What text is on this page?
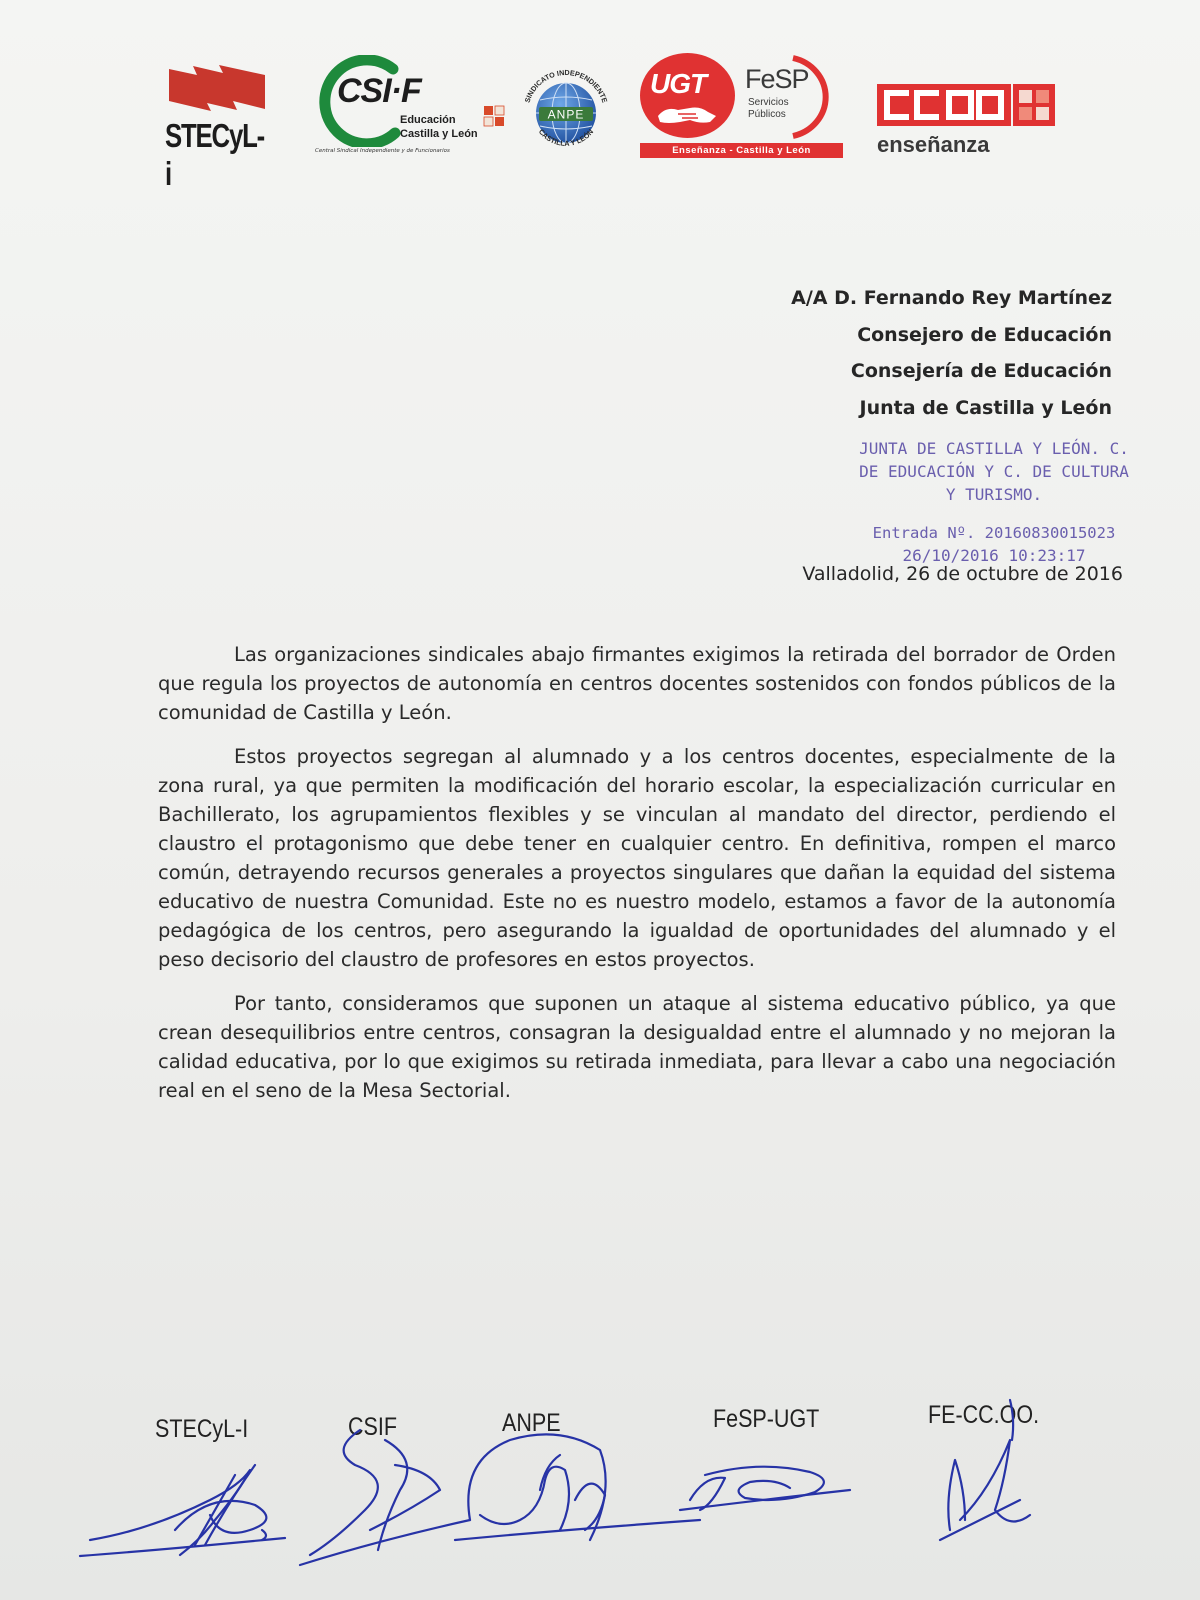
STECyL-i
CSI·F
Educación
Castilla y León
Central Sindical Independiente y de Funcionarios
ANPE
SINDICATO INDEPENDIENTE
CASTILLA Y LEÓN
UGT FeSP
Servicios
Públicos
Enseñanza - Castilla y León	enseñanza
A/A D. Fernando Rey Martínez
Consejero de Educación
Consejería de Educación
Junta de Castilla y León
JUNTA DE CASTILLA Y LEÓN. C.
DE EDUCACIÓN Y C. DE CULTURA
Y TURISMO.
Entrada Nº. 20160830015023
26/10/2016 10:23:17
Valladolid, 26 de octubre de 2016

Las organizaciones sindicales abajo firmantes exigimos la retirada del borrador de Orden que regula los proyectos de autonomía en centros docentes sostenidos con fondos públicos de la comunidad de Castilla y León.

Estos proyectos segregan al alumnado y a los centros docentes, especialmente de la zona rural, ya que permiten la modificación del horario escolar, la especialización curricular en Bachillerato, los agrupamientos flexibles y se vinculan al mandato del director, perdiendo el claustro el protagonismo que debe tener en cualquier centro. En definitiva, rompen el marco común, detrayendo recursos generales a proyectos singulares que dañan la equidad del sistema educativo de nuestra Comunidad. Este no es nuestro modelo, estamos a favor de la autonomía pedagógica de los centros, pero asegurando la igualdad de oportunidades del alumnado y el peso decisorio del claustro de profesores en estos proyectos.

Por tanto, consideramos que suponen un ataque al sistema educativo público, ya que crean desequilibrios entre centros, consagran la desigualdad entre el alumnado y no mejoran la calidad educativa, por lo que exigimos su retirada inmediata, para llevar a cabo una negociación real en el seno de la Mesa Sectorial.

STECyL-I	CSIF	ANPE	FeSP-UGT	FE-CC.OO.
